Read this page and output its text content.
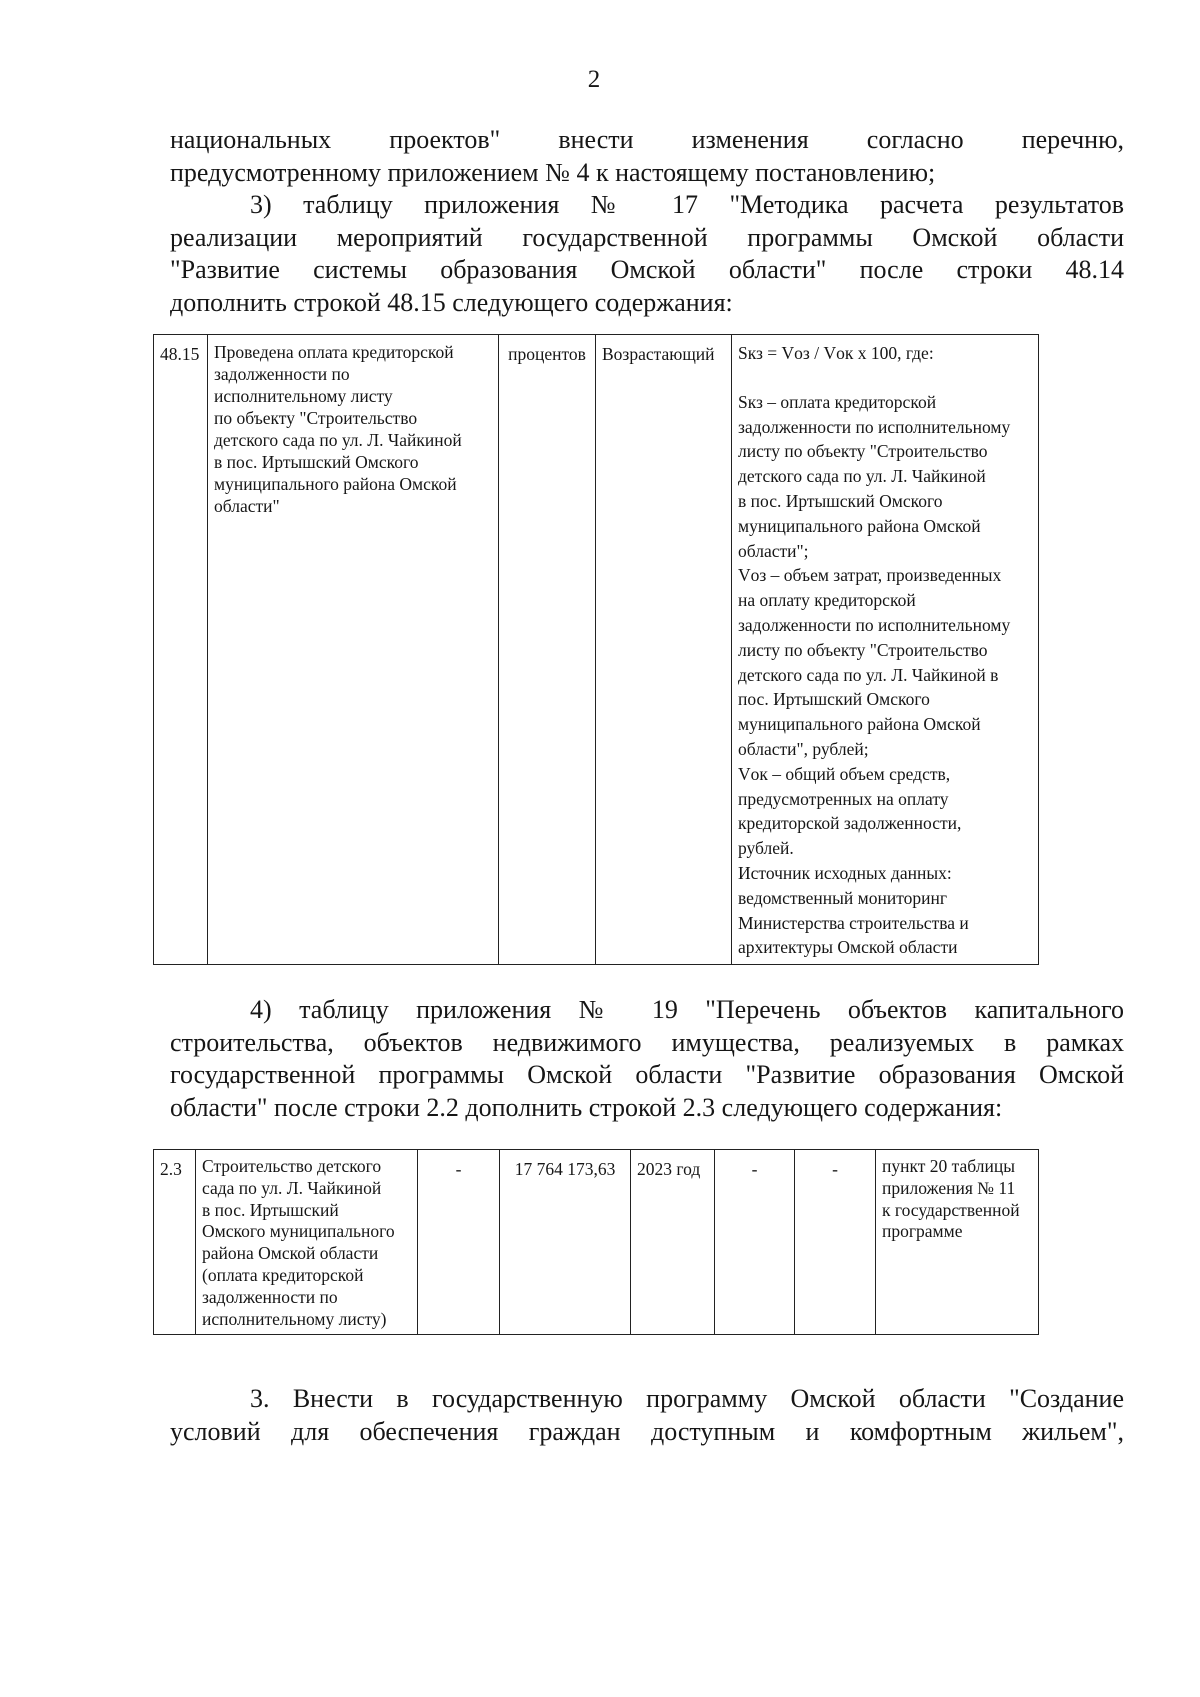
2
национальных проектов" внести изменения согласно перечню,
предусмотренному приложением № 4 к настоящему постановлению;
3) таблицу приложения № 17 "Методика расчета результатов
реализации мероприятий государственной программы Омской области
"Развитие системы образования Омской области" после строки 48.14
дополнить строкой 48.15 следующего содержания:
48.15	Проведена оплата кредиторской
задолженности по
исполнительному листу
по объекту "Строительство
детского сада по ул. Л. Чайкиной
в пос. Иртышский Омского
муниципального района Омской
области"
	процентов	Возрастающий	Sкз = Vоз / Vок х 100, где:
Sкз – оплата кредиторской
задолженности по исполнительному
листу по объекту "Строительство
детского сада по ул. Л. Чайкиной
в пос. Иртышский Омского
муниципального района Омской
области";
Vоз – объем затрат, произведенных
на оплату кредиторской
задолженности по исполнительному
листу по объекту "Строительство
детского сада по ул. Л. Чайкиной в
пос. Иртышский Омского
муниципального района Омской
области", рублей;
Vок – общий объем средств,
предусмотренных на оплату
кредиторской задолженности,
рублей.
Источник исходных данных:
ведомственный мониторинг
Министерства строительства и
архитектуры Омской области
4) таблицу приложения № 19 "Перечень объектов капитального
строительства, объектов недвижимого имущества, реализуемых в рамках
государственной программы Омской области "Развитие образования Омской
области" после строки 2.2 дополнить строкой 2.3 следующего содержания:
2.3	Строительство детского
сада по ул. Л. Чайкиной
в пос. Иртышский
Омского муниципального
района Омской области
(оплата кредиторской
задолженности по
исполнительному листу)
	-	17 764 173,63	2023 год	-	-	пункт 20 таблицы
приложения № 11
к государственной
программе
3. Внести в государственную программу Омской области "Создание
условий для обеспечения граждан доступным и комфортным жильем",
